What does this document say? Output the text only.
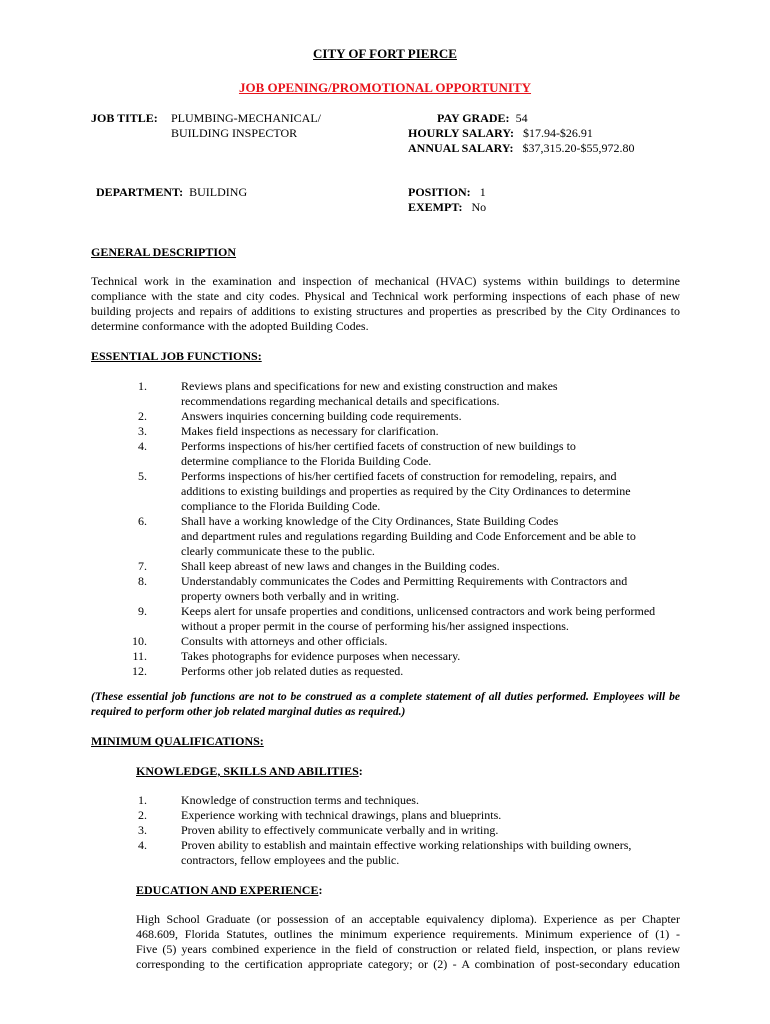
CITY OF FORT PIERCE
JOB OPENING/PROMOTIONAL OPPORTUNITY
JOB TITLE: PLUMBING-MECHANICAL/
BUILDING INSPECTOR
PAY GRADE: 54
HOURLY SALARY: $17.94-$26.91
ANNUAL SALARY: $37,315.20-$55,972.80
DEPARTMENT: BUILDING	POSITION: 1
EXEMPT: No
GENERAL DESCRIPTION
Technical work in the examination and inspection of mechanical (HVAC) systems within buildings to determine
compliance with the state and city codes. Physical and Technical work performing inspections of each phase of new
building projects and repairs of additions to existing structures and properties as prescribed by the City Ordinances to
determine conformance with the adopted Building Codes.
ESSENTIAL JOB FUNCTIONS:
1.	Reviews plans and specifications for new and existing construction and makes
recommendations regarding mechanical details and specifications.
2.	Answers inquiries concerning building code requirements.
3.	Makes field inspections as necessary for clarification.
4.	Performs inspections of his/her certified facets of construction of new buildings to
determine compliance to the Florida Building Code.
5.	Performs inspections of his/her certified facets of construction for remodeling, repairs, and
additions to existing buildings and properties as required by the City Ordinances to determine
compliance to the Florida Building Code.
6.	Shall have a working knowledge of the City Ordinances, State Building Codes
and department rules and regulations regarding Building and Code Enforcement and be able to
clearly communicate these to the public.
7.	Shall keep abreast of new laws and changes in the Building codes.
8.	Understandably communicates the Codes and Permitting Requirements with Contractors and
property owners both verbally and in writing.
9.	Keeps alert for unsafe properties and conditions, unlicensed contractors and work being performed
without a proper permit in the course of performing his/her assigned inspections.
10.	Consults with attorneys and other officials.
11.	Takes photographs for evidence purposes when necessary.
12.	Performs other job related duties as requested.
(These essential job functions are not to be construed as a complete statement of all duties performed. Employees will be
required to perform other job related marginal duties as required.)
MINIMUM QUALIFICATIONS:
KNOWLEDGE, SKILLS AND ABILITIES:
1.	Knowledge of construction terms and techniques.
2.	Experience working with technical drawings, plans and blueprints.
3.	Proven ability to effectively communicate verbally and in writing.
4.	Proven ability to establish and maintain effective working relationships with building owners,
contractors, fellow employees and the public.
EDUCATION AND EXPERIENCE:
High School Graduate (or possession of an acceptable equivalency diploma). Experience as per Chapter
468.609, Florida Statutes, outlines the minimum experience requirements. Minimum experience of (1) -
Five (5) years combined experience in the field of construction or related field, inspection, or plans review
corresponding to the certification appropriate category; or (2) - A combination of post-secondary education
